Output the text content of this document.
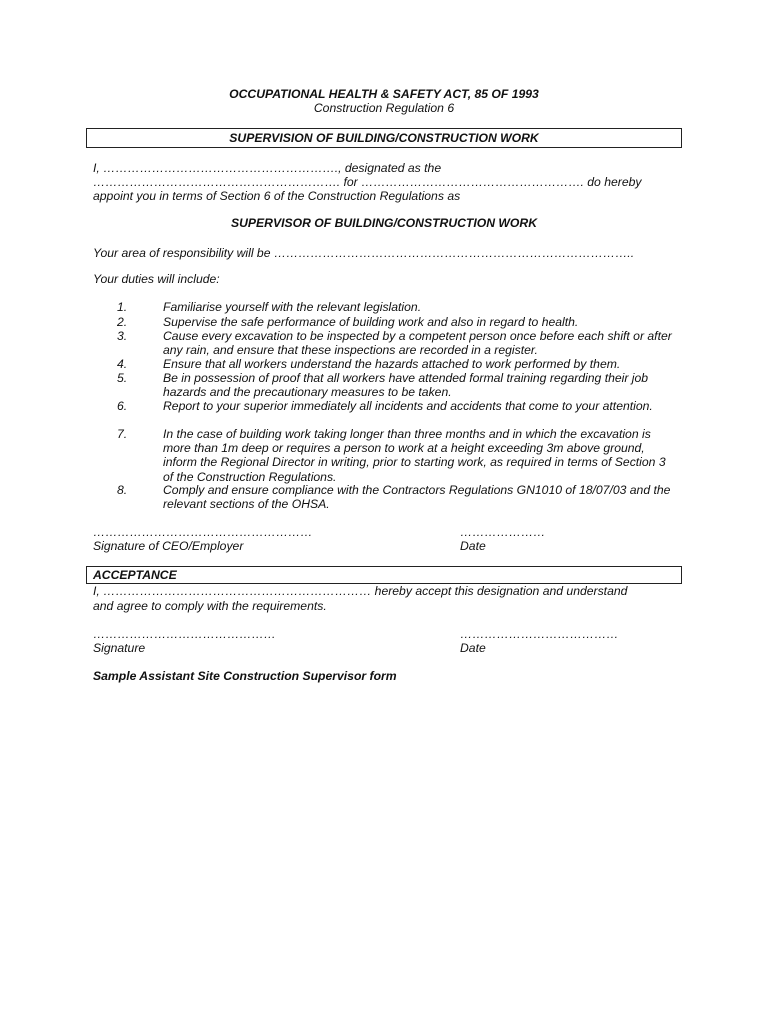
OCCUPATIONAL HEALTH & SAFETY ACT, 85 OF 1993
Construction Regulation 6
SUPERVISION OF BUILDING/CONSTRUCTION WORK
I, …………………………………………………., designated as the
……………………………………………………. for ………………………………………………. do hereby
appoint you in terms of Section 6 of the Construction Regulations as
SUPERVISOR OF BUILDING/CONSTRUCTION WORK
Your area of responsibility will be ……………………………………………………………………………..
Your duties will include:
1.	Familiarise yourself with the relevant legislation.
2.	Supervise the safe performance of building work and also in regard to health.
3.	Cause every excavation to be inspected by a competent person once before each shift or after any rain, and ensure that these inspections are recorded in a register.
4.	Ensure that all workers understand the hazards attached to work performed by them.
5.	Be in possession of proof that all workers have attended formal training regarding their job hazards and the precautionary measures to be taken.
6.	Report to your superior immediately all incidents and accidents that come to your attention.
7.	In the case of building work taking longer than three months and in which the excavation is more than 1m deep or requires a person to work at a height exceeding 3m above ground, inform the Regional Director in writing, prior to starting work, as required in terms of Section 3 of the Construction Regulations.
8.	Comply and ensure compliance with the Contractors Regulations GN1010 of 18/07/03 and the relevant sections of the OHSA.
………………………………………………	…………………
Signature of CEO/Employer	Date
ACCEPTANCE
I, ………………………………………………………… hereby accept this designation and understand
and agree to comply with the requirements.
………………………………………	…………………………………
Signature	Date
Sample Assistant Site Construction Supervisor form
